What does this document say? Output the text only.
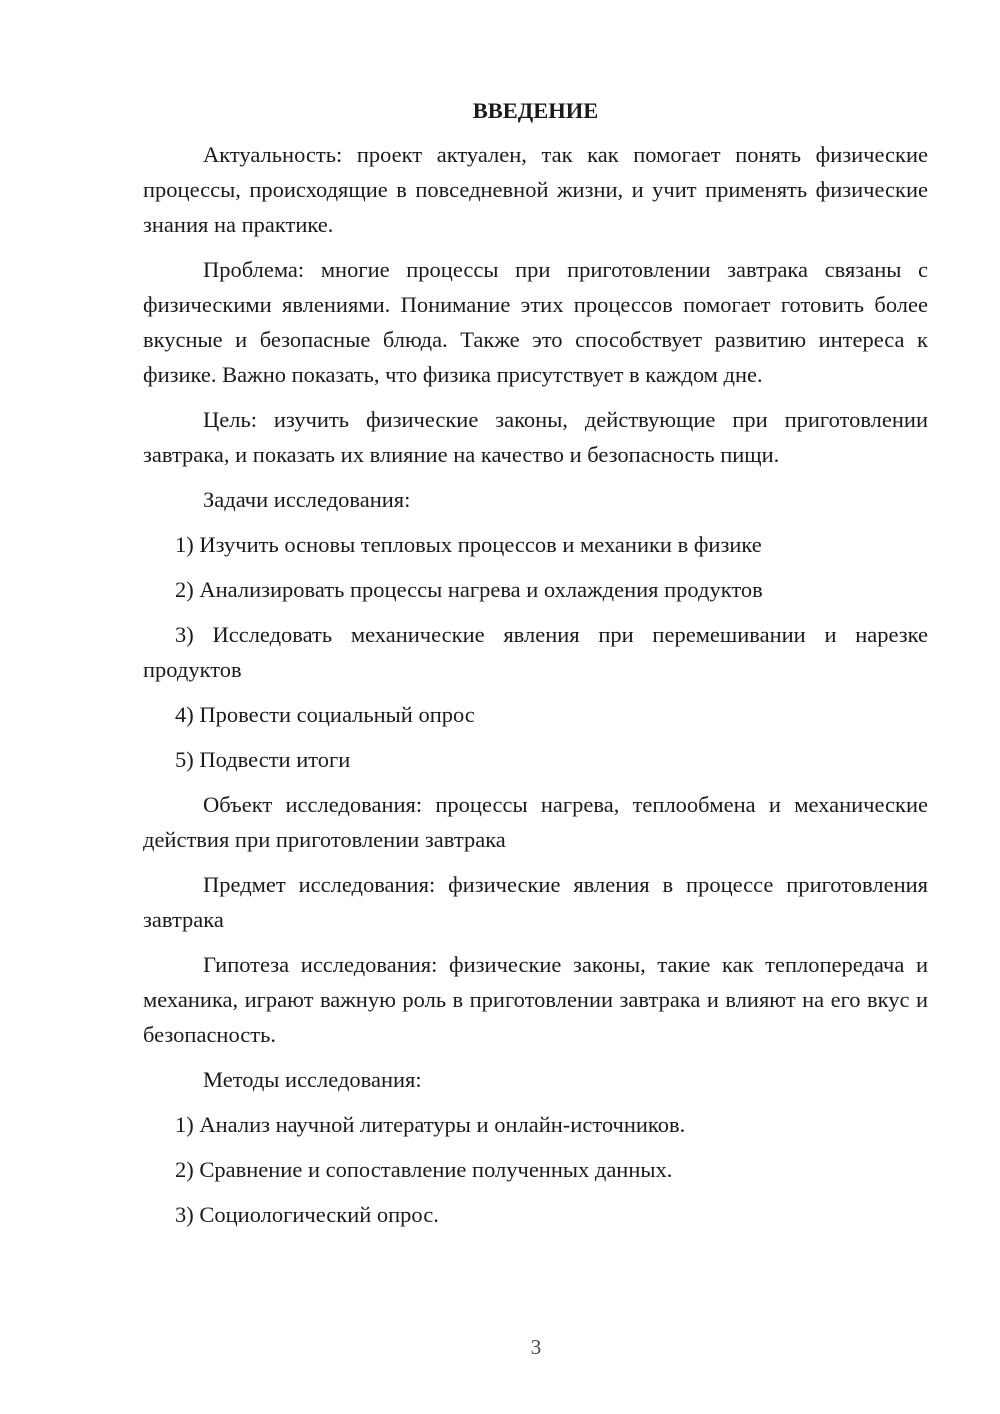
ВВЕДЕНИЕ

Актуальность: проект актуален, так как помогает понять физические процессы, происходящие в повседневной жизни, и учит применять физические знания на практике.

Проблема: многие процессы при приготовлении завтрака связаны с физическими явлениями. Понимание этих процессов помогает готовить более вкусные и безопасные блюда. Также это способствует развитию интереса к физике. Важно показать, что физика присутствует в каждом дне.

Цель: изучить физические законы, действующие при приготовлении завтрака, и показать их влияние на качество и безопасность пищи.

Задачи исследования:

1) Изучить основы тепловых процессов и механики в физике

2) Анализировать процессы нагрева и охлаждения продуктов

3) Исследовать механические явления при перемешивании и нарезке продуктов

4) Провести социальный опрос

5) Подвести итоги

Объект исследования: процессы нагрева, теплообмена и механические действия при приготовлении завтрака

Предмет исследования: физические явления в процессе приготовления завтрака

Гипотеза исследования: физические законы, такие как теплопередача и механика, играют важную роль в приготовлении завтрака и влияют на его вкус и безопасность.

Методы исследования:

1) Анализ научной литературы и онлайн-источников.

2) Сравнение и сопоставление полученных данных.

3) Социологический опрос.

3
